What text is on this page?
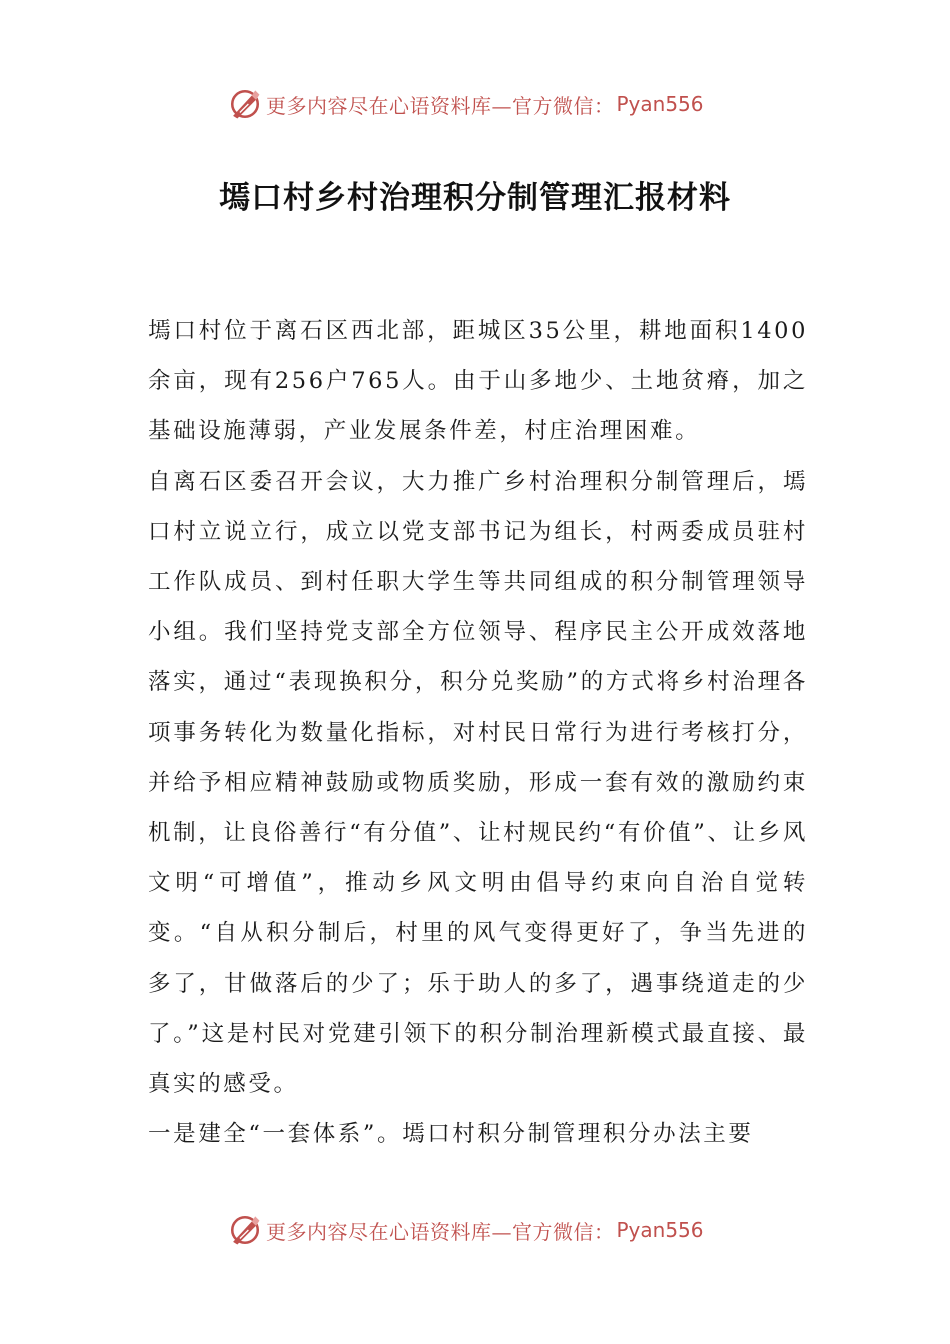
更多内容尽在心语资料库—官方微信： Pyan556
墕口村乡村治理积分制管理汇报材料

墕口村位于离石区西北部，距城区35公里，耕地面积1400余亩，现有256户765人。由于山多地少、土地贫瘠，加之基础设施薄弱，产业发展条件差，村庄治理困难。

自离石区委召开会议，大力推广乡村治理积分制管理后，墕口村立说立行，成立以党支部书记为组长，村两委成员驻村工作队成员、到村任职大学生等共同组成的积分制管理领导小组。我们坚持党支部全方位领导、程序民主公开成效落地落实，通过“表现换积分，积分兑奖励”的方式将乡村治理各项事务转化为数量化指标，对村民日常行为进行考核打分，并给予相应精神鼓励或物质奖励，形成一套有效的激励约束机制，让良俗善行“有分值”、让村规民约“有价值”、让乡风文明“可增值”，推动乡风文明由倡导约束向自治自觉转变。“自从积分制后，村里的风气变得更好了，争当先进的多了，甘做落后的少了；乐于助人的多了，遇事绕道走的少了。”这是村民对党建引领下的积分制治理新模式最直接、最真实的感受。

一是建全“一套体系”。墕口村积分制管理积分办法主要

更多内容尽在心语资料库—官方微信： Pyan556
